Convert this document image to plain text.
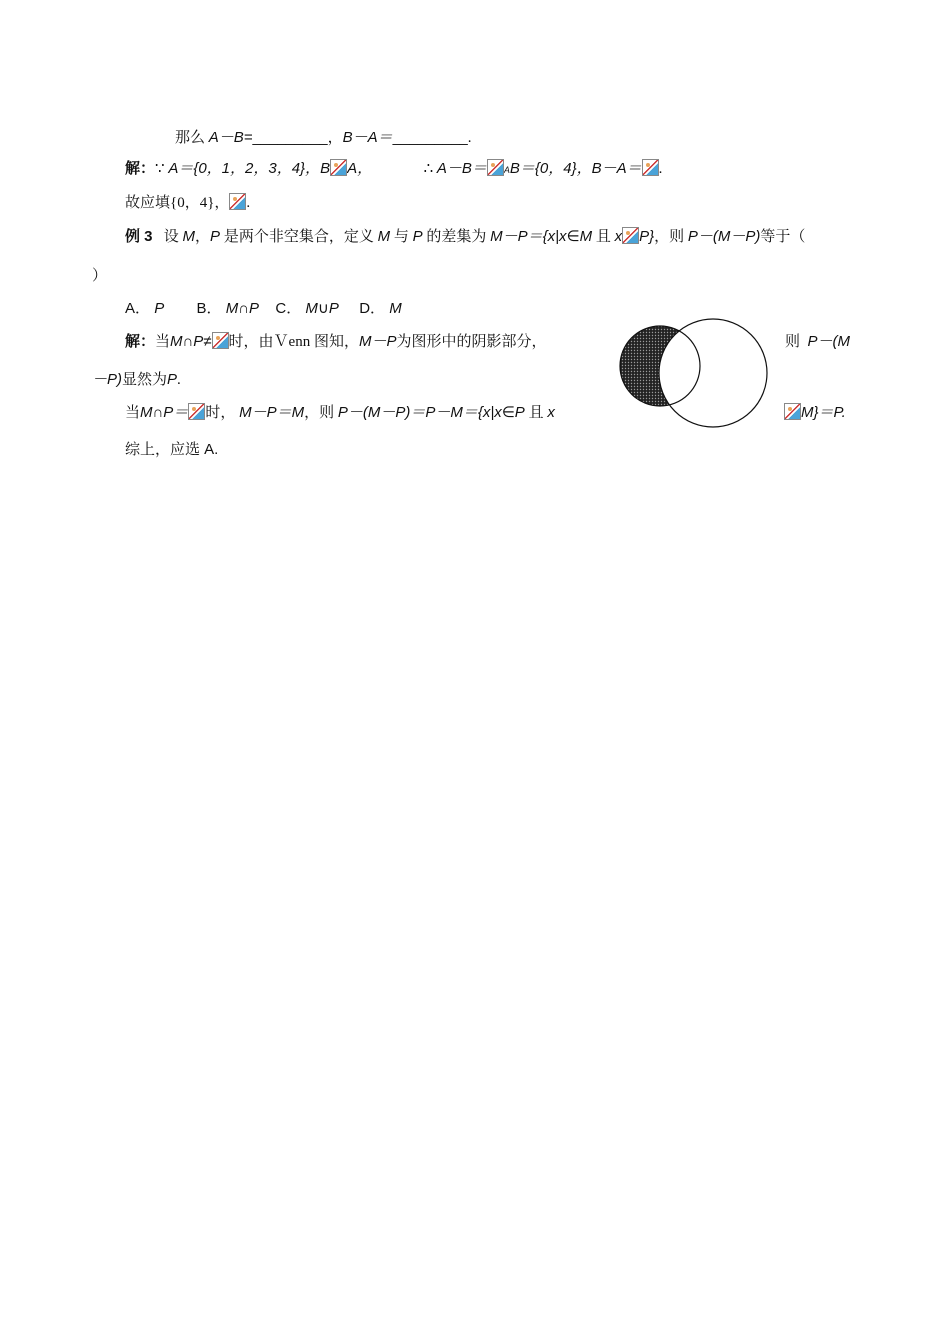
那么 A－B=_________，B－A＝_________.
解：∵ A＝{0，1，2，3，4}，B A，	∴ A－B＝ AB＝{0，4}，B－A＝ .
故应填{0，4}， .
例 3 设 M，P 是两个非空集合，定义 M 与 P 的差集为 M－P＝{x|x∈M 且 x P}，则 P－(M－P)等于（
）
A． P B． M∩P C． M∪P D． M
解：当M∩P≠ 时，由Ｖenn 图知，M－P为图形中的阴影部分，	则 P－(M
－P)显然为P.
当M∩P＝ 时， M－P＝M，则 P－(M－P)＝P－M＝{x|x∈P 且 x	M}＝P.
综上，应选 A.
